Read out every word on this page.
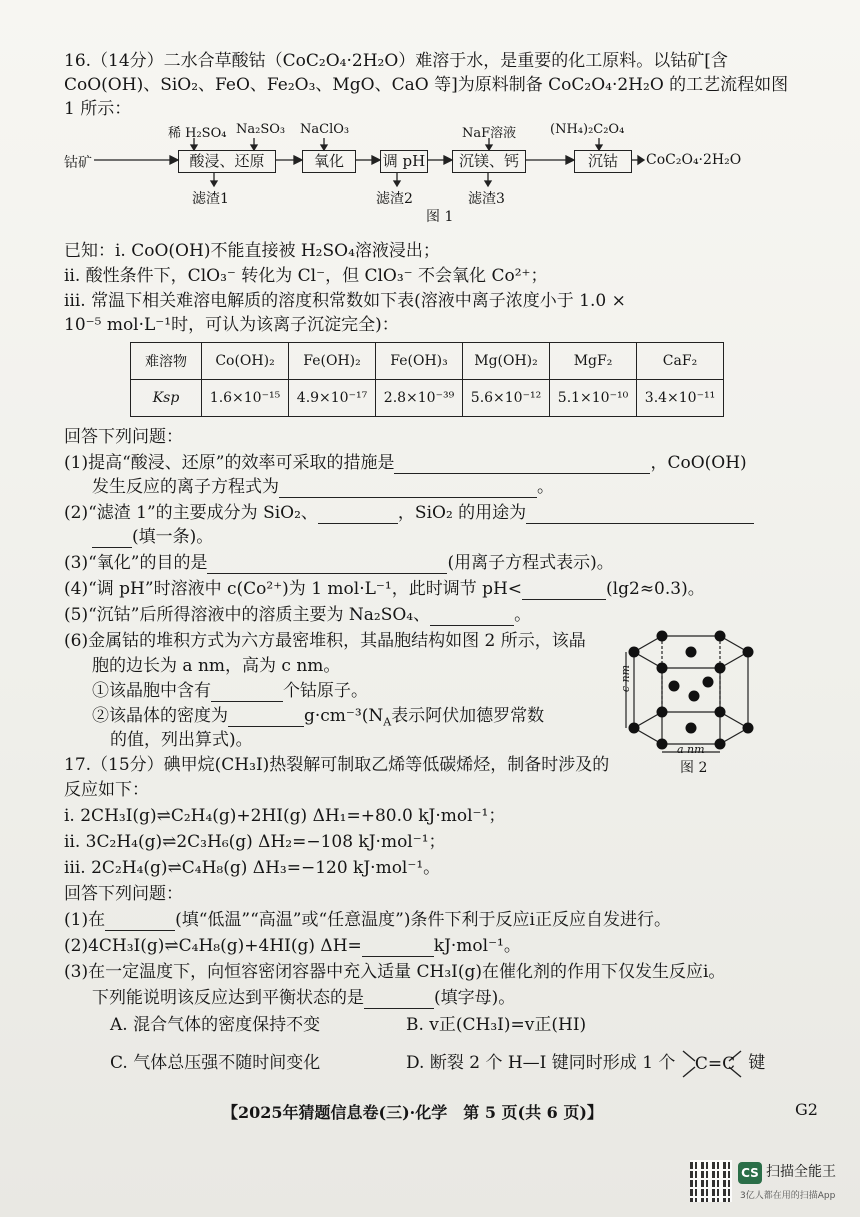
16.（14分）二水合草酸钴（CoC₂O₄·2H₂O）难溶于水，是重要的化工原料。以钴矿[含
CoO(OH)、SiO₂、FeO、Fe₂O₃、MgO、CaO 等]为原料制备 CoC₂O₄·2H₂O 的工艺流程如图
1 所示：
钴矿
稀 H₂SO₄ Na₂SO₃ NaClO₃	NaF溶液	(NH₄)₂C₂O₄
酸浸、还原	氧化	调 pH	沉镁、钙	沉钴	CoC₂O₄·2H₂O
滤渣1	滤渣2	滤渣3
图 1
已知：ⅰ. CoO(OH)不能直接被 H₂SO₄溶液浸出；
ⅱ. 酸性条件下，ClO₃⁻ 转化为 Cl⁻，但 ClO₃⁻ 不会氧化 Co²⁺；
ⅲ. 常温下相关难溶电解质的溶度积常数如下表(溶液中离子浓度小于 1.0 ×
10⁻⁵ mol·L⁻¹时，可认为该离子沉淀完全)：
难溶物	Co(OH)₂	Fe(OH)₂	Fe(OH)₃	Mg(OH)₂	MgF₂	CaF₂
Ksp	1.6×10⁻¹⁵	4.9×10⁻¹⁷	2.8×10⁻³⁹	5.6×10⁻¹²	5.1×10⁻¹⁰	3.4×10⁻¹¹
回答下列问题：
(1)提高“酸浸、还原”的效率可采取的措施是	，CoO(OH)
发生反应的离子方程式为	。
(2)“滤渣 1”的主要成分为 SiO₂、	，SiO₂ 的用途为
(填一条)。
(3)“氧化”的目的是	(用离子方程式表示)。
(4)“调 pH”时溶液中 c(Co²⁺)为 1 mol·L⁻¹，此时调节 pH<	(lg2≈0.3)。
(5)“沉钴”后所得溶液中的溶质主要为 Na₂SO₄、	。
(6)金属钴的堆积方式为六方最密堆积，其晶胞结构如图 2 所示，该晶
胞的边长为 a nm，高为 c nm。
①该晶胞中含有	个钴原子。
②该晶体的密度为	$g\cdot cm^{-3}(N_A$表示阿伏加德罗常数
的值，列出算式)。
c nm
a nm
图 2
17.（15分）碘甲烷(CH₃I)热裂解可制取乙烯等低碳烯烃，制备时涉及的
反应如下：
ⅰ. 2CH₃I(g)⇌C₂H₄(g)+2HI(g) ΔH₁=+80.0 kJ·mol⁻¹；
ⅱ. 3C₂H₄(g)⇌2C₃H₆(g) ΔH₂=−108 kJ·mol⁻¹；
ⅲ. 2C₂H₄(g)⇌C₄H₈(g) ΔH₃=−120 kJ·mol⁻¹。
回答下列问题：
(1)在	(填“低温”“高温”或“任意温度”)条件下利于反应ⅰ正反应自发进行。
(2)4CH₃I(g)⇌C₄H₈(g)+4HI(g) ΔH=	kJ·mol⁻¹。
(3)在一定温度下，向恒容密闭容器中充入适量 CH₃I(g)在催化剂的作用下仅发生反应ⅰ。
下列能说明该反应达到平衡状态的是	(填字母)。
A. 混合气体的密度保持不变	B. v正(CH₃I)=v正(HI)
C. 气体总压强不随时间变化	D. 断裂 2 个 H—I 键同时形成 1 个 C=C 键
【2025年猜题信息卷(三)·化学　第 5 页(共 6 页)】	G2
CS 扫描全能王
3亿人都在用的扫描App
